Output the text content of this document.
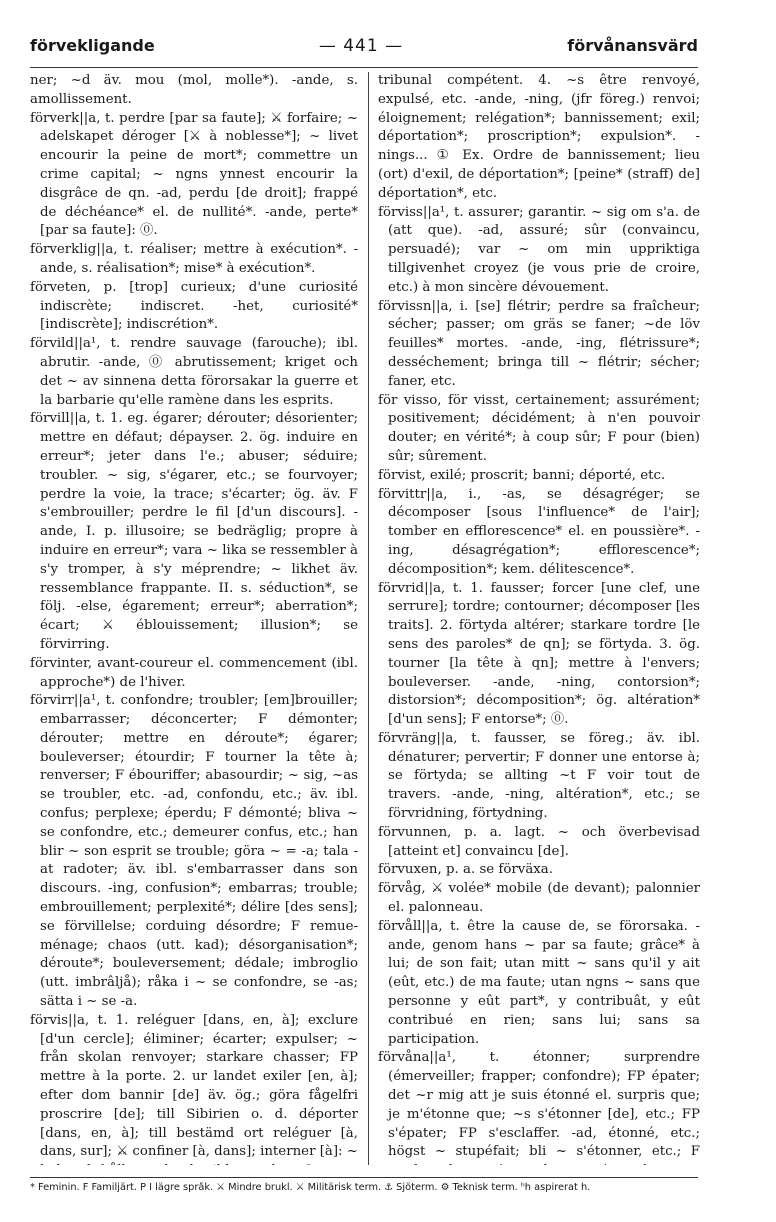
förvekligande	— 441 —	förvånansvärd

ner; ~d äv. mou (mol, molle*). -ande, s. amollissement.

förverk||a, t. perdre [par sa faute]; ⚔ forfaire; ~ adelskapet déroger [⚔ à noblesse*]; ~ livet encourir la peine de mort*; commettre un crime capital; ~ ngns ynnest encourir la disgrâce de qn. -ad, perdu [de droit]; frappé de déchéance* el. de nullité*. -ande, perte* [par sa faute]: ⓪.

förverklig||a, t. réaliser; mettre à exécution*. -ande, s. réalisation*; mise* à exécution*.

förveten, p. [trop] curieux; d'une curiosité indiscrète; indiscret. -het, curiosité* [indiscrète]; indiscrétion*.

förvild||a¹, t. rendre sauvage (farouche); ibl. abrutir. -ande, ⓪ abrutissement; kriget och det ~ av sinnena detta förorsakar la guerre et la barbarie qu'elle ramène dans les esprits.

förvill||a, t. 1. eg. égarer; dérouter; désorienter; mettre en défaut; dépayser. 2. ög. induire en erreur*; jeter dans l'e.; abuser; séduire; troubler. ~ sig, s'égarer, etc.; se fourvoyer; perdre la voie, la trace; s'écarter; ög. äv. F s'embrouiller; perdre le fil [d'un discours]. -ande, I. p. illusoire; se bedräglig; propre à induire en erreur*; vara ~ lika se ressembler à s'y tromper, à s'y méprendre; ~ likhet äv. ressemblance frappante. II. s. séduction*, se följ. -else, égarement; erreur*; aberration*; écart; ⚔ éblouissement; illusion*; se förvirring.

förvinter, avant-coureur el. commencement (ibl. approche*) de l'hiver.

förvirr||a¹, t. confondre; troubler; [em]brouiller; embarrasser; déconcerter; F démonter; dérouter; mettre en déroute*; égarer; bouleverser; étourdir; F tourner la tête à; renverser; F ébouriffer; abasourdir; ~ sig, ~as se troubler, etc. -ad, confondu, etc.; äv. ibl. confus; perplexe; éperdu; F démonté; bliva ~ se confondre, etc.; demeurer confus, etc.; han blir ~ son esprit se trouble; göra ~ = -a; tala -at radoter; äv. ibl. s'embarrasser dans son discours. -ing, confusion*; embarras; trouble; embrouillement; perplexité*; délire [des sens]; se förvillelse; corduing désordre; F remue-ménage; chaos (utt. kad); désorganisation*; déroute*; bouleversement; dédale; imbroglio (utt. imbrâljå); råka i ~ se confondre, se -as; sätta i ~ se -a.

förvis||a, t. 1. reléguer [dans, en, à]; exclure [d'un cercle]; éliminer; écarter; expulser; ~ från skolan renvoyer; starkare chasser; FP mettre à la porte. 2. ur landet exiler [en, à]; efter dom bannir [de] äv. ög.; göra fågelfri proscrire [de]; till Sibirien o. d. déporter [dans, en, à]; till bestämd ort reléguer [à, dans, sur]; ⚔ confiner [à, dans]; interner [à]: ~

tribunal compétent. 4. ~s être renvoyé, expulsé, etc. -ande, -ning, (jfr föreg.) renvoi; éloignement; relégation*; bannissement; exil; déportation*; proscription*; expulsion*. -nings... ① Ex. Ordre de bannissement; lieu (ort) d'exil, de déportation*; [peine* (straff) de] déportation*, etc.

förviss||a¹, t. assurer; garantir. ~ sig om s'a. de (att que). -ad, assuré; sûr (convaincu, persuadé); var ~ om min uppriktiga tillgivenhet croyez (je vous prie de croire, etc.) à mon sincère dévouement.

förvissn||a, i. [se] flétrir; perdre sa fraîcheur; sécher; passer; om gräs se faner; ~de löv feuilles* mortes. -ande, -ing, flétrissure*; desséchement; bringa till ~ flétrir; sécher; faner, etc.

för visso, för visst, certainement; assurément; positivement; décidément; à n'en pouvoir douter; en vérité*; à coup sûr; F pour (bien) sûr; sûrement.

förvist, exilé; proscrit; banni; déporté, etc.

förvittr||a, i., -as, se désagréger; se décomposer [sous l'influence* de l'air]; tomber en efflorescence* el. en poussière*. -ing, désagrégation*; efflorescence*; décomposition*; kem. délitescence*.

förvrid||a, t. 1. fausser; forcer [une clef, une serrure]; tordre; contourner; décomposer [les traits]. 2. förtyda altérer; starkare tordre [le sens des paroles* de qn]; se förtyda. 3. ög. tourner [la tête à qn]; mettre à l'envers; bouleverser. -ande, -ning, contorsion*; distorsion*; décomposition*; ög. altération* [d'un sens]; F entorse*; ⓪.

förvräng||a, t. fausser, se föreg.; äv. ibl. dénaturer; pervertir; F donner une entorse à; se förtyda; se allting ~t F voir tout de travers. -ande, -ning, altération*, etc.; se förvridning, förtydning.

förvunnen, p. a. lagt. ~ och överbevisad [atteint et] convaincu [de].

förvuxen, p. a. se förväxa.

förvåg, ⚔ volée* mobile (de devant); palonnier el. palonneau.

förvåll||a, t. être la cause de, se förorsaka. -ande, genom hans ~ par sa faute; grâce* à lui; de son fait; utan mitt ~ sans qu'il y ait (eût, etc.) de ma faute; utan ngns ~ sans que personne y eût part*, y contribuât, y eût contribué en rien; sans lui; sans sa participation.

förvåna||a¹, t. étonner; surprendre (émerveiller; frapper; confondre); FP épater; det ~r mig att je suis étonné el. surpris que; je m'étonne que; ~s s'étonner [de], etc.; FP s'épater; FP s'esclaffer. -ad, étonné, etc.; högst ~ stupéfait; bli ~ s'étonner, etc.; F

* Feminin. F Familjärt. P I lägre språk. ⚔ Mindre brukl. ⚔ Militärisk term. ⚓ Sjöterm. ⚙ Teknisk term. ʰh aspirerat h.
